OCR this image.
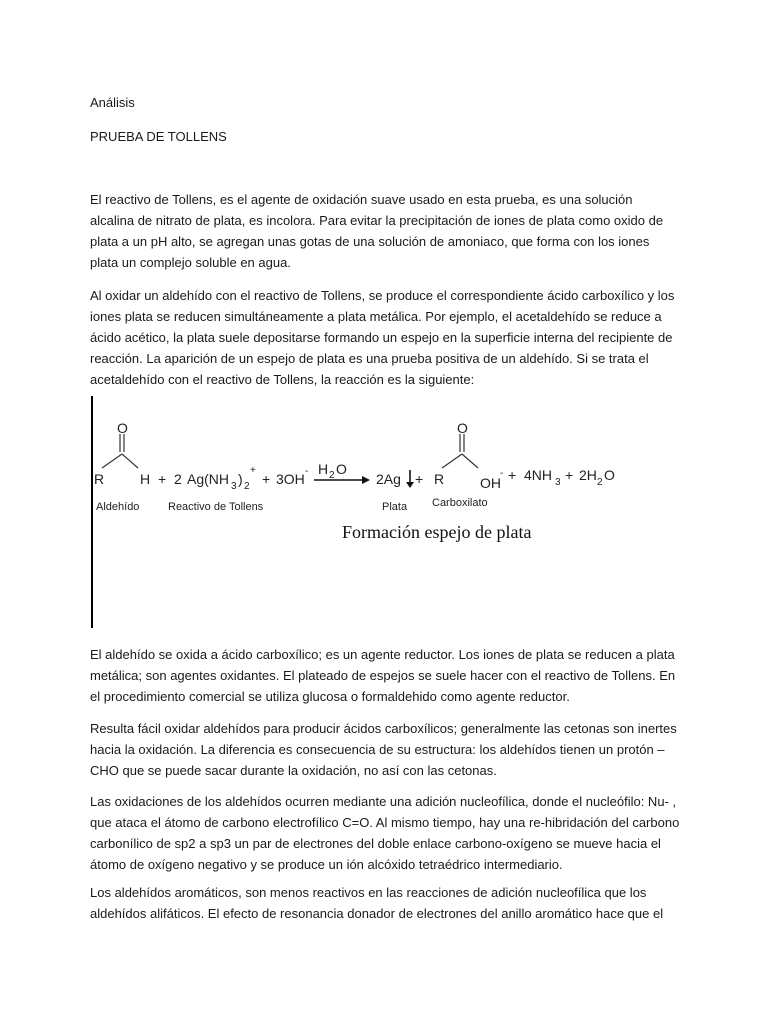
Análisis
PRUEBA DE TOLLENS

El reactivo de Tollens, es el agente de oxidación suave usado en esta prueba, es una solución alcalina de nitrato de plata, es incolora. Para evitar la precipitación de iones de plata como oxido de plata a un pH alto, se agregan unas gotas de una solución de amoniaco, que forma con los iones plata un complejo soluble en agua.

Al oxidar un aldehído con el reactivo de Tollens, se produce el correspondiente ácido carboxílico y los iones plata se reducen simultáneamente a plata metálica. Por ejemplo, el acetaldehído se reduce a ácido acético, la plata suele depositarse formando un espejo en la superficie interna del recipiente de reacción. La aparición de un espejo de plata es una prueba positiva de un aldehído. Si se trata el acetaldehído con el reactivo de Tollens, la reacción es la siguiente:

O
R	H
Aldehído
+ 2 Ag(NH 3 ) 2
+
Reactivo de Tollens
+ 3OH - H 2 O
2Ag +
Plata
O
R	OH
-
Carboxilato
+ 4NH 3 + 2H 2 O
Formación espejo de plata

El aldehído se oxida a ácido carboxílico; es un agente reductor. Los iones de plata se reducen a plata metálica; son agentes oxidantes. El plateado de espejos se suele hacer con el reactivo de Tollens. En el procedimiento comercial se utiliza glucosa o formaldehido como agente reductor.

Resulta fácil oxidar aldehídos para producir ácidos carboxílicos; generalmente las cetonas son inertes hacia la oxidación. La diferencia es consecuencia de su estructura: los aldehídos tienen un protón –CHO que se puede sacar durante la oxidación, no así con las cetonas.

Las oxidaciones de los aldehídos ocurren mediante una adición nucleofílica, donde el nucleófilo: Nu- , que ataca el átomo de carbono electrofílico C=O. Al mismo tiempo, hay una re-hibridación del carbono carbonílico de sp2 a sp3 un par de electrones del doble enlace carbono-oxígeno se mueve hacia el átomo de oxígeno negativo y se produce un ión alcóxido tetraédrico intermediario.

Los aldehídos aromáticos, son menos reactivos en las reacciones de adición nucleofílica que los aldehídos alifáticos. El efecto de resonancia donador de electrones del anillo aromático hace que el
